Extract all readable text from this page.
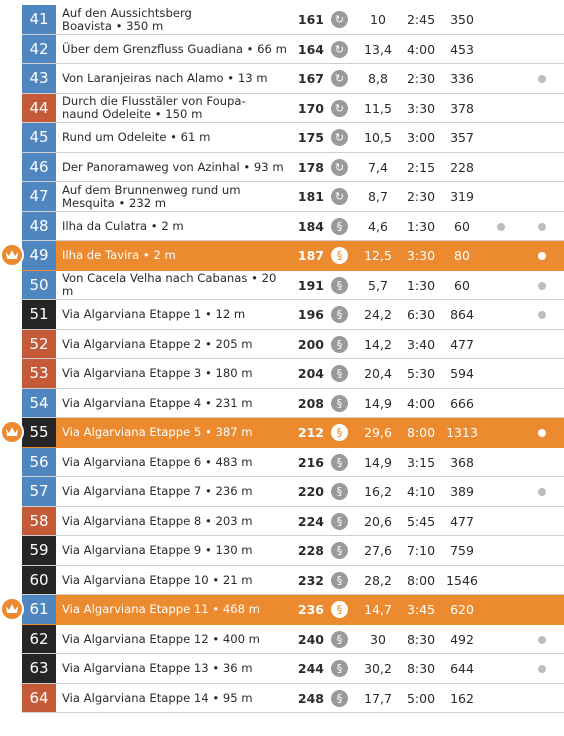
41	Auf den Aussichtsberg
Boavista • 350 m	161 ↻	10	2:45	350
42	Über dem Grenzfluss Guadiana • 66 m 164 ↻	13,4	4:00	453
43	Von Laranjeiras nach Alamo • 13 m	167 ↻	8,8	2:30	336
44	Durch die Flusstäler von Foupa-
naund Odeleite • 150 m	170 ↻	11,5	3:30	378
45	Rund um Odeleite • 61 m	175 ↻	10,5	3:00	357
46	Der Panoramaweg von Azinhal • 93 m	178 ↻	7,4	2:15	228
47	Auf dem Brunnenweg rund um
Mesquita • 232 m	181 ↻	8,7	2:30	319
48	Ilha da Culatra • 2 m	184	§	4,6	1:30	60
49	Ilha de Tavira • 2 m	187	§	12,5	3:30	80
50	Von Cacela Velha nach Cabanas • 20 m	191	§	5,7	1:30	60
51	Via Algarviana Etappe 1 • 12 m	196	§	24,2	6:30	864
52	Via Algarviana Etappe 2 • 205 m	200	§	14,2	3:40	477
53	Via Algarviana Etappe 3 • 180 m	204	§	20,4	5:30	594
54	Via Algarviana Etappe 4 • 231 m	208	§	14,9	4:00	666
55	Via Algarviana Etappe 5 • 387 m	212	§	29,6	8:00 1313
56	Via Algarviana Etappe 6 • 483 m	216	§	14,9	3:15	368
57	Via Algarviana Etappe 7 • 236 m	220	§	16,2	4:10	389
58	Via Algarviana Etappe 8 • 203 m	224	§	20,6	5:45	477
59	Via Algarviana Etappe 9 • 130 m	228	§	27,6	7:10	759
60	Via Algarviana Etappe 10 • 21 m	232	§	28,2	8:00 1546
61	Via Algarviana Etappe 11 • 468 m	236	§	14,7	3:45	620
62	Via Algarviana Etappe 12 • 400 m	240	§	30	8:30	492
63	Via Algarviana Etappe 13 • 36 m	244	§	30,2	8:30	644
64	Via Algarviana Etappe 14 • 95 m	248	§	17,7	5:00	162
